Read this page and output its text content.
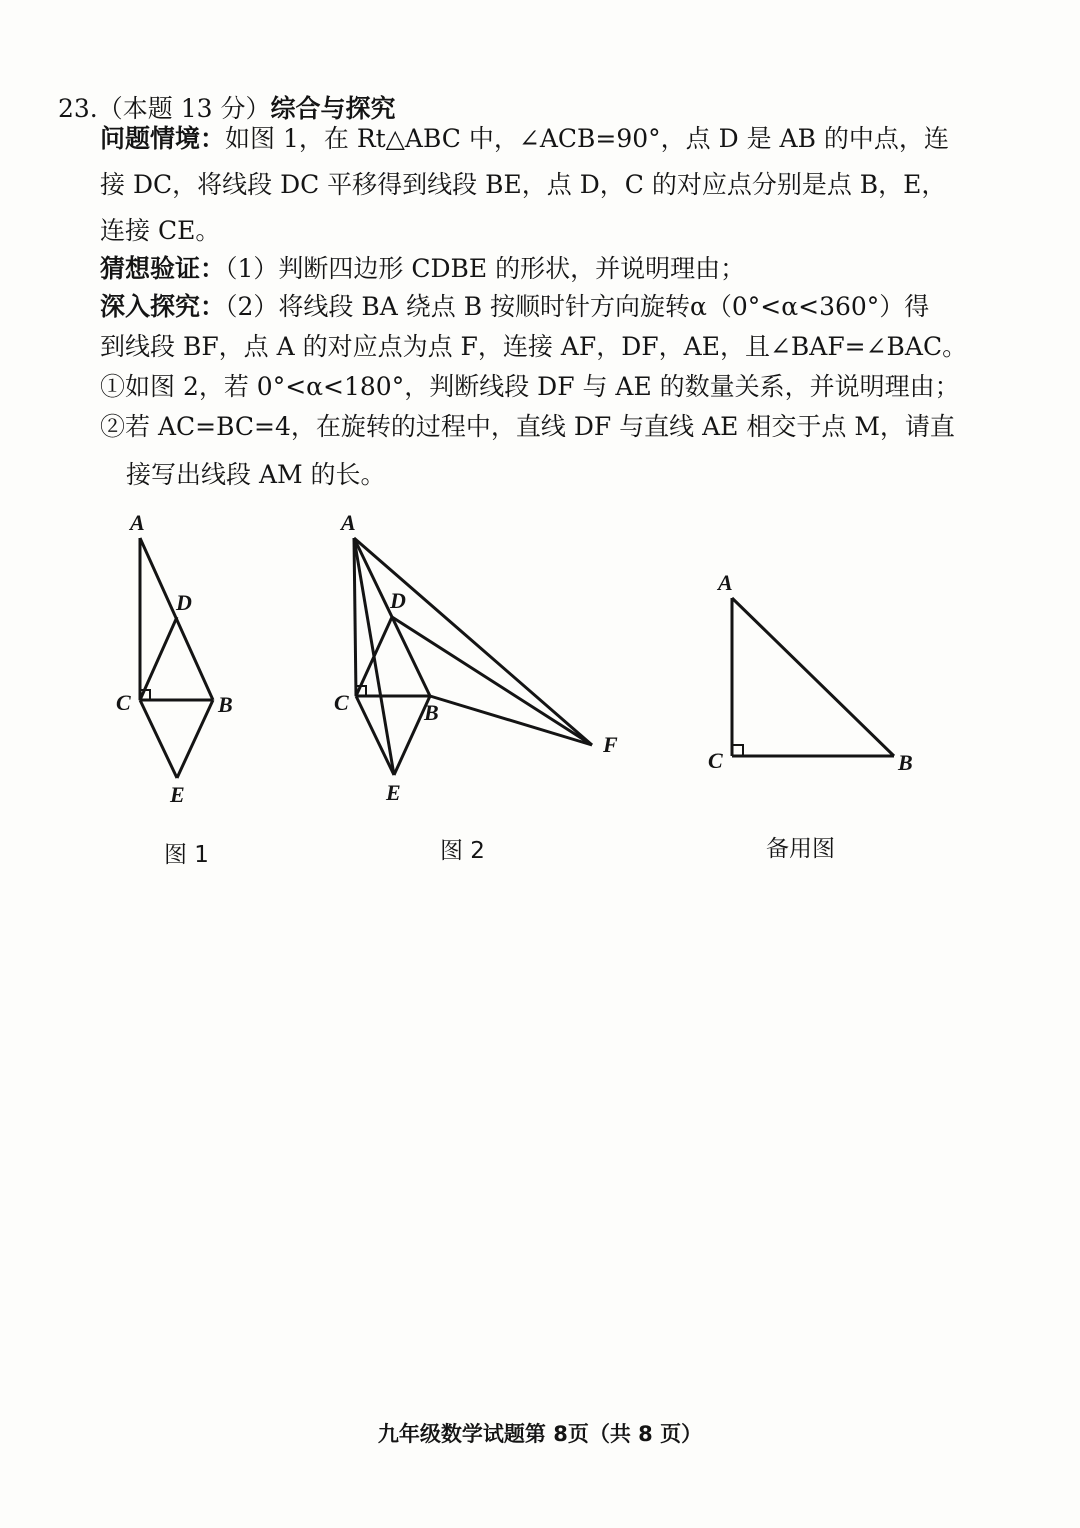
23.（本题 13 分）综合与探究
问题情境：如图 1，在 Rt△ABC 中，∠ACB=90°，点 D 是 AB 的中点，连
接 DC，将线段 DC 平移得到线段 BE，点 D，C 的对应点分别是点 B，E，
连接 CE。
猜想验证：（1）判断四边形 CDBE 的形状，并说明理由；
深入探究：（2）将线段 BA 绕点 B 按顺时针方向旋转α（0°<α<360°）得
到线段 BF，点 A 的对应点为点 F，连接 AF，DF，AE，且∠BAF=∠BAC。
①如图 2，若 0°<α<180°，判断线段 DF 与 AE 的数量关系，并说明理由；
②若 AC=BC=4，在旋转的过程中，直线 DF 与直线 AE 相交于点 M，请直
接写出线段 AM 的长。
A
D
C	B
E
A
D
C	B
E
F
A
C	B
图 1	图 2	备用图
九年级数学试题第 8页（共 8 页）
